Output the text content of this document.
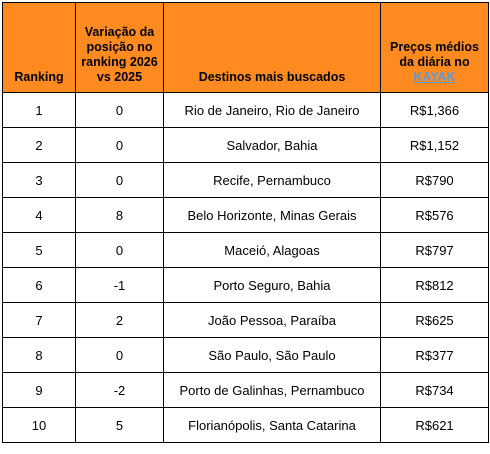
Ranking	Variação da posição no ranking 2026 vs 2025	Destinos mais buscados	Preços médios da diária no
KAYAK
1	0	Rio de Janeiro, Rio de Janeiro	R$1,366
2	0	Salvador, Bahia	R$1,152
3	0	Recife, Pernambuco	R$790
4	8	Belo Horizonte, Minas Gerais	R$576
5	0	Maceió, Alagoas	R$797
6	-1	Porto Seguro, Bahia	R$812
7	2	João Pessoa, Paraíba	R$625
8	0	São Paulo, São Paulo	R$377
9	-2	Porto de Galinhas, Pernambuco	R$734
10	5	Florianópolis, Santa Catarina	R$621
